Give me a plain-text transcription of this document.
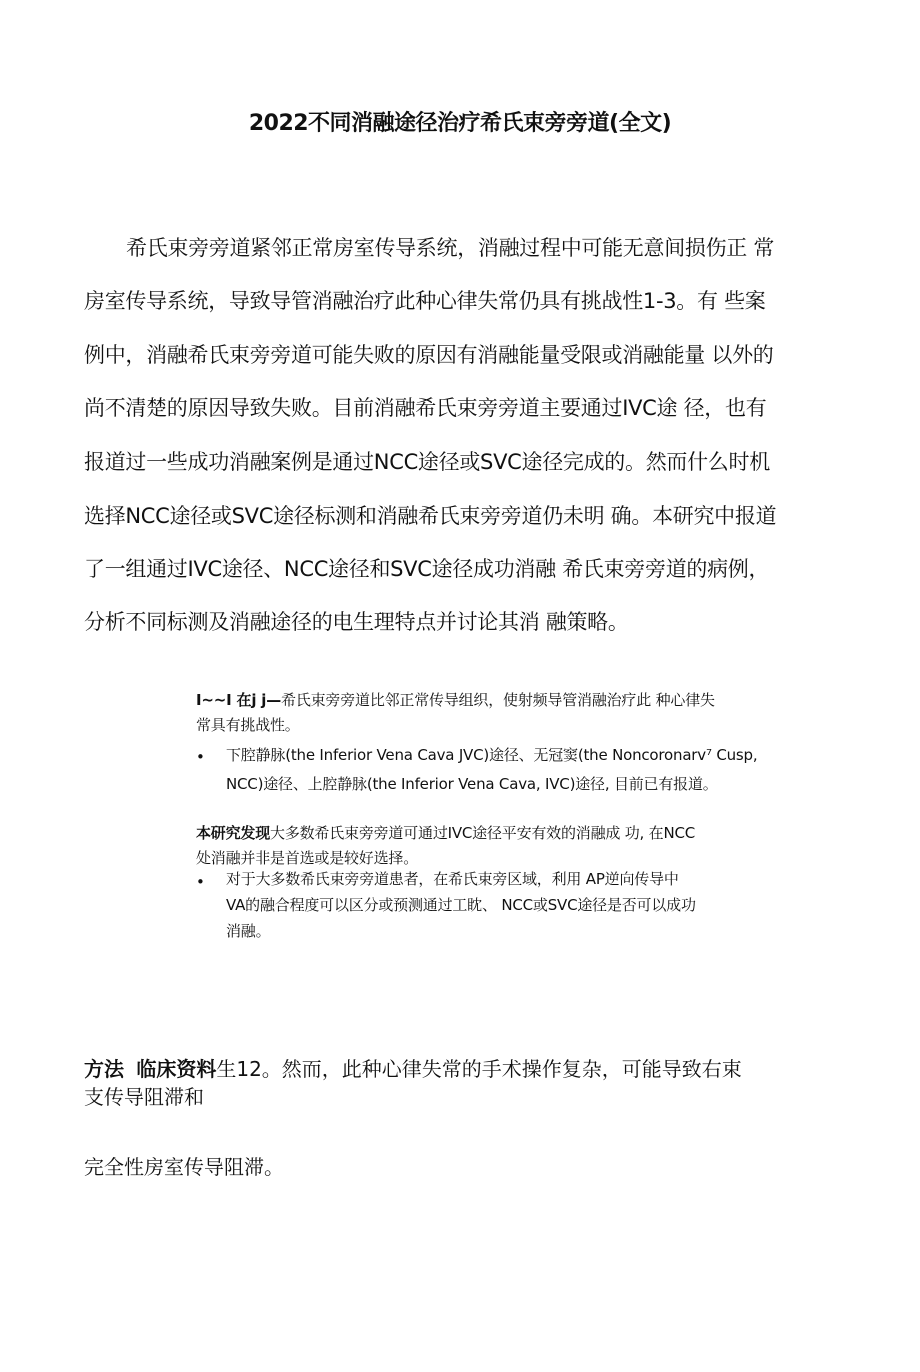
2022不同消融途径治疗希氏束旁旁道(全文)

希氏束旁旁道紧邻正常房室传导系统，消融过程中可能无意间损伤正 常

房室传导系统，导致导管消融治疗此种心律失常仍具有挑战性1-3。有 些案

例中，消融希氏束旁旁道可能失败的原因有消融能量受限或消融能量 以外的

尚不清楚的原因导致失败。目前消融希氏束旁旁道主要通过IVC途 径，也有

报道过一些成功消融案例是通过NCC途径或SVC途径完成的。然而什么时机

选择NCC途径或SVC途径标测和消融希氏束旁旁道仍未明 确。本研究中报道

了一组通过IVC途径、NCC途径和SVC途径成功消融 希氏束旁旁道的病例，

分析不同标测及消融途径的电生理特点并讨论其消 融策略。

I~~I 在j j—希氏束旁旁道比邻正常传导组织，使射频导管消融治疗此 种心律失

常具有挑战性。

• 下腔静脉(the Inferior Vena Cava JVC)途径、无冠窦(the Noncoronarv⁷ Cusp,

NCC)途径、上腔静脉(the Inferior Vena Cava, IVC)途径, 目前已有报道。

本研究发现大多数希氏束旁旁道可通过IVC途径平安有效的消融成 功, 在NCC

处消融并非是首选或是较好选择。

• 对于大多数希氏束旁旁道患者，在希氏束旁区域，利用 AP逆向传导中

VA的融合程度可以区分或预测通过工眈、 NCC或SVC途径是否可以成功

消融。

方法 临床资料生12。然而，此种心律失常的手术操作复杂，可能导致右束

支传导阻滞和

完全性房室传导阻滞。
